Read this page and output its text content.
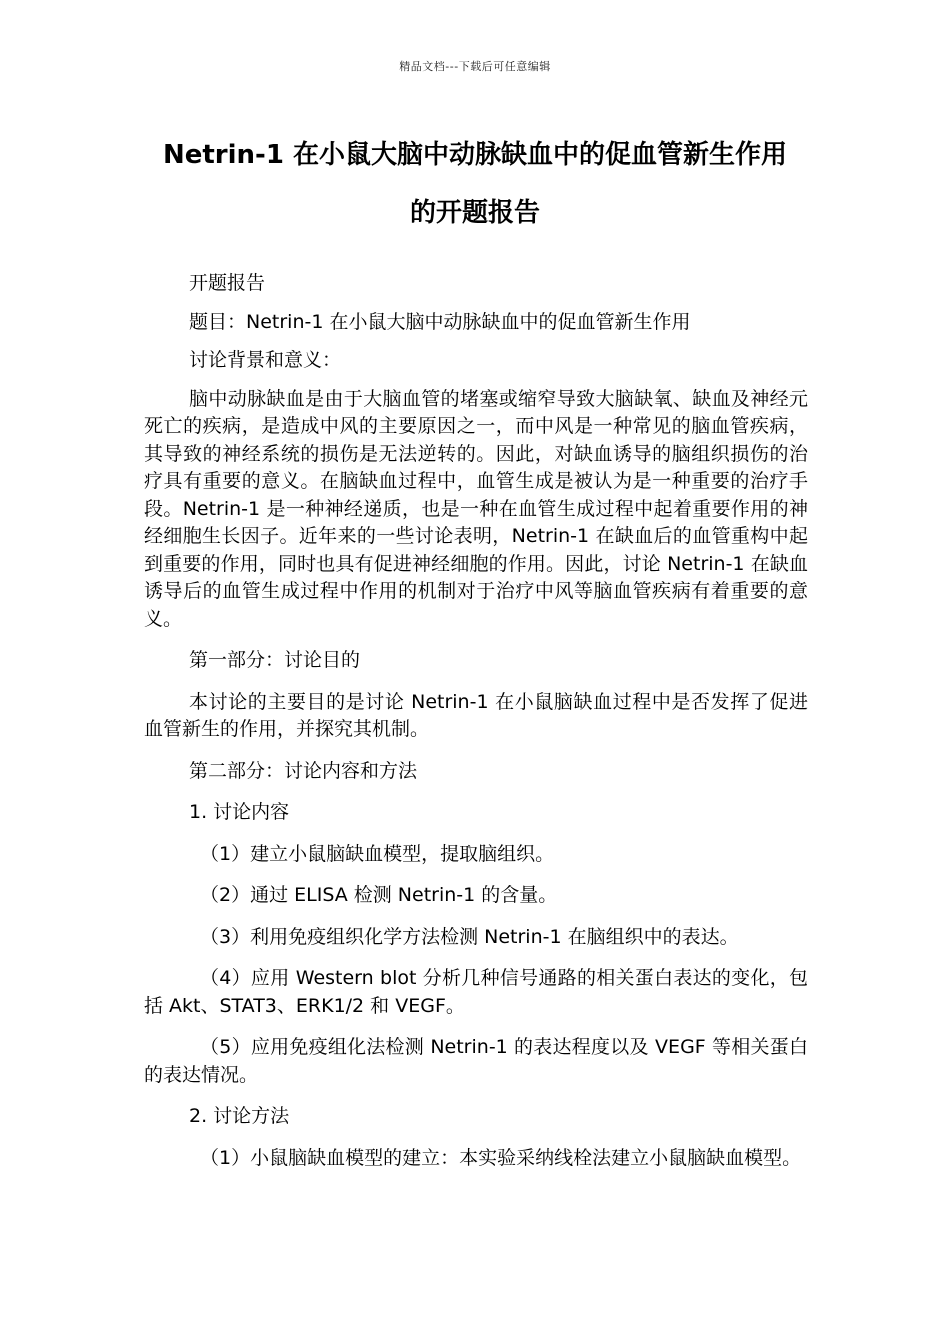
精品文档---下载后可任意编辑
Netrin-1 在小鼠大脑中动脉缺血中的促血管新生作用
的开题报告

开题报告

题目：Netrin-1 在小鼠大脑中动脉缺血中的促血管新生作用

讨论背景和意义：

脑中动脉缺血是由于大脑血管的堵塞或缩窄导致大脑缺氧、缺血及神经元死亡的疾病，是造成中风的主要原因之一，而中风是一种常见的脑血管疾病，其导致的神经系统的损伤是无法逆转的。因此，对缺血诱导的脑组织损伤的治疗具有重要的意义。在脑缺血过程中，血管生成是被认为是一种重要的治疗手段。Netrin-1 是一种神经递质，也是一种在血管生成过程中起着重要作用的神经细胞生长因子。近年来的一些讨论表明，Netrin-1 在缺血后的血管重构中起到重要的作用，同时也具有促进神经细胞的作用。因此，讨论 Netrin-1 在缺血诱导后的血管生成过程中作用的机制对于治疗中风等脑血管疾病有着重要的意义。

第一部分：讨论目的

本讨论的主要目的是讨论 Netrin-1 在小鼠脑缺血过程中是否发挥了促进血管新生的作用，并探究其机制。

第二部分：讨论内容和方法

1. 讨论内容

（1）建立小鼠脑缺血模型，提取脑组织。

（2）通过 ELISA 检测 Netrin-1 的含量。

（3）利用免疫组织化学方法检测 Netrin-1 在脑组织中的表达。

（4）应用 Western blot 分析几种信号通路的相关蛋白表达的变化，包括 Akt、STAT3、ERK1/2 和 VEGF。

（5）应用免疫组化法检测 Netrin-1 的表达程度以及 VEGF 等相关蛋白的表达情况。

2. 讨论方法

（1）小鼠脑缺血模型的建立：本实验采纳线栓法建立小鼠脑缺血模型。
